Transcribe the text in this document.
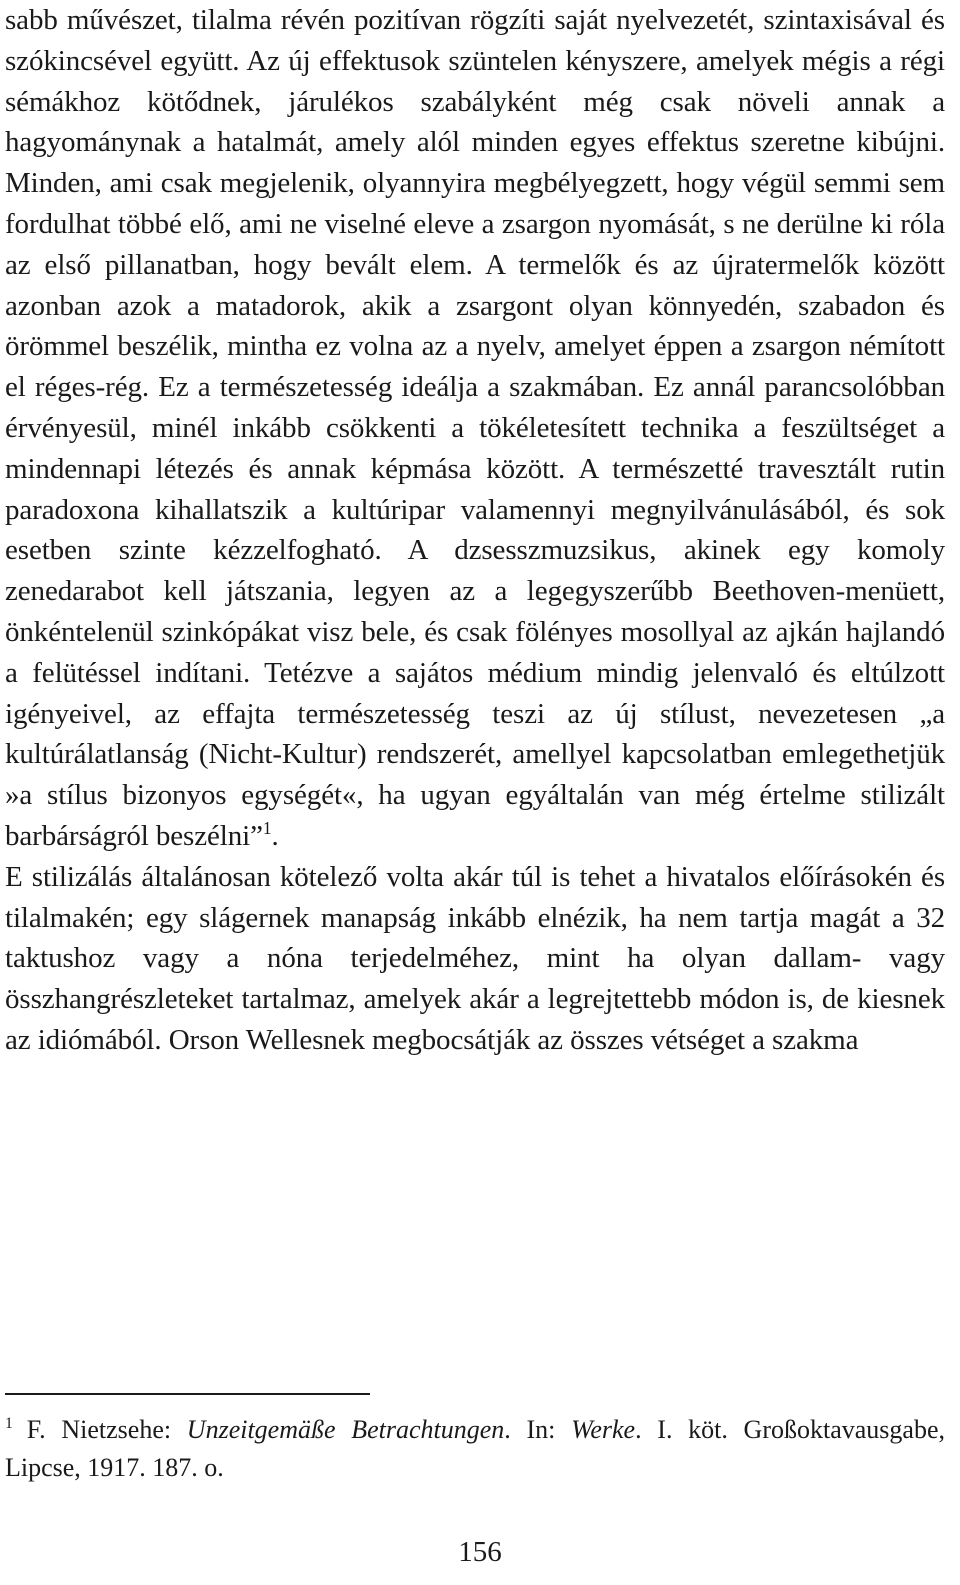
sabb művészet, tilalma révén pozitívan rögzíti saját nyelvezetét, szintaxisával és szókincsével együtt. Az új effektusok szüntelen kényszere, amelyek mégis a régi sémákhoz kötődnek, járulékos szabályként még csak növeli annak a hagyománynak a hatalmát, amely alól minden egyes effektus szeretne kibújni. Minden, ami csak megjelenik, olyannyira megbélyegzett, hogy végül semmi sem fordulhat többé elő, ami ne viselné eleve a zsargon nyomását, s ne derülne ki róla az első pillanatban, hogy bevált elem. A termelők és az újratermelők között azonban azok a matadorok, akik a zsargont olyan könnyedén, szabadon és örömmel beszélik, mintha ez volna az a nyelv, amelyet éppen a zsargon némított el réges-rég. Ez a természetesség ideálja a szakmában. Ez annál parancsolóbban érvényesül, minél inkább csökkenti a tökéletesített technika a feszültséget a mindennapi létezés és annak képmása között. A természetté travesztált rutin paradoxona kihallatszik a kultúripar valamennyi megnyilvánulásából, és sok esetben szinte kézzelfogható. A dzsesszmuzsikus, akinek egy komoly zenedarabot kell játszania, legyen az a legegyszerűbb Beethoven-menüett, önkéntelenül szinkópákat visz bele, és csak fölényes mosollyal az ajkán hajlandó a felütéssel indítani. Tetézve a sajátos médium mindig jelenvaló és eltúlzott igényeivel, az effajta természetesség teszi az új stílust, nevezetesen „a kultúrálatlanság (Nicht-Kultur) rendszerét, amellyel kapcsolatban emlegethetjük »a stílus bizonyos egységét«, ha ugyan egyáltalán van még értelme stilizált barbárságról beszélni”$^1$.

E stilizálás általánosan kötelező volta akár túl is tehet a hivatalos előírásokén és tilalmakén; egy slágernek manapság inkább elnézik, ha nem tartja magát a 32 taktushoz vagy a nóna terjedelméhez, mint ha olyan dallam- vagy összhangrészleteket tartalmaz, amelyek akár a legrejtettebb módon is, de kiesnek az idiómából. Orson Wellesnek megbocsátják az összes vétséget a szakma

$^1$ F. Nietzsehe: Unzeitgemäße Betrachtungen. In: Werke. I. köt. Großoktavausgabe, Lipcse, 1917. 187. o.

156
